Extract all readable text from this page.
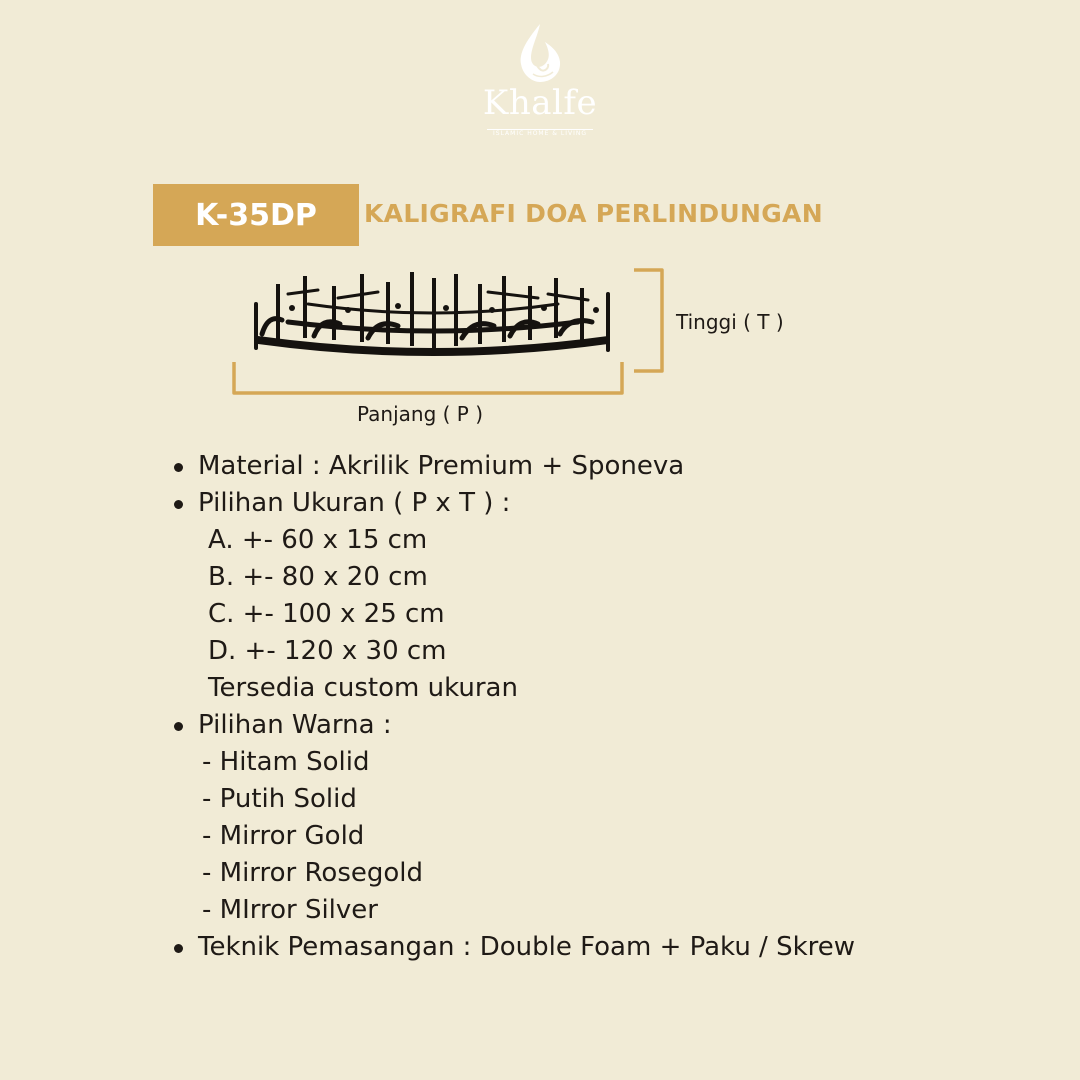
Khalfe
ISLAMIC HOME & LIVING
K-35DP KALIGRAFI DOA PERLINDUNGAN
Tinggi ( T )
Panjang ( P )
Material : Akrilik Premium + Sponeva
Pilihan Ukuran ( P x T ) :
A. +- 60 x 15 cm
B. +- 80 x 20 cm
C. +- 100 x 25 cm
D. +- 120 x 30 cm
Tersedia custom ukuran
Pilihan Warna :
- Hitam Solid
- Putih Solid
- Mirror Gold
- Mirror Rosegold
- MIrror Silver
Teknik Pemasangan : Double Foam + Paku / Skrew
